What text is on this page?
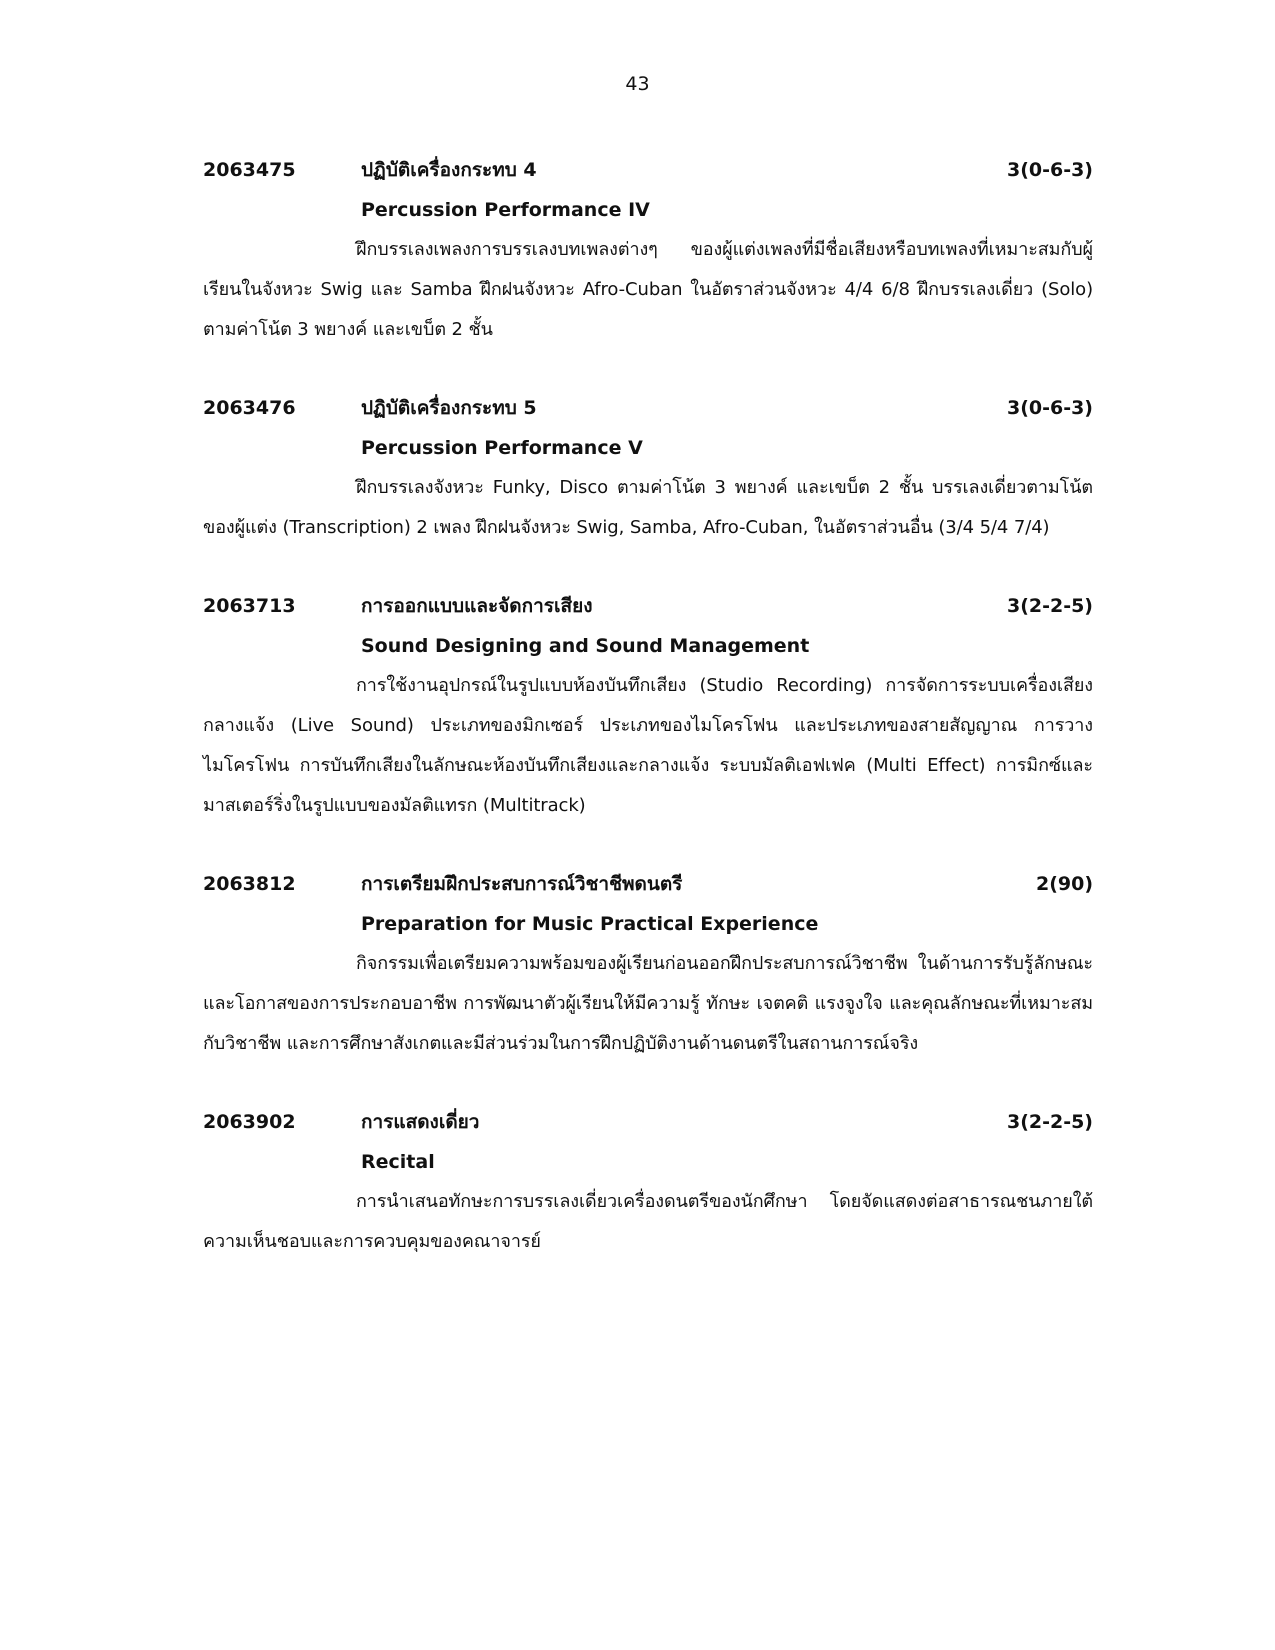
43
2063475	ปฏิบัติเครื่องกระทบ 4	3(0-6-3)
Percussion Performance IV
ฝึกบรรเลงเพลงการบรรเลงบทเพลงต่างๆ ของผู้แต่งเพลงที่มีชื่อเสียงหรือบทเพลงที่เหมาะสมกับผู้เรียนในจังหวะ Swig และ Samba ฝึกฝนจังหวะ Afro-Cuban ในอัตราส่วนจังหวะ 4/4 6/8 ฝึกบรรเลงเดี่ยว (Solo) ตามค่าโน้ต 3 พยางค์ และเขบ็ต 2 ชั้น
2063476	ปฏิบัติเครื่องกระทบ 5	3(0-6-3)
Percussion Performance V
ฝึกบรรเลงจังหวะ Funky, Disco ตามค่าโน้ต 3 พยางค์ และเขบ็ต 2 ชั้น บรรเลงเดี่ยวตามโน้ตของผู้แต่ง (Transcription) 2 เพลง ฝึกฝนจังหวะ Swig, Samba, Afro-Cuban, ในอัตราส่วนอื่น (3/4 5/4 7/4)
2063713	การออกแบบและจัดการเสียง	3(2-2-5)
Sound Designing and Sound Management
การใช้งานอุปกรณ์ในรูปแบบห้องบันทึกเสียง (Studio Recording) การจัดการระบบเครื่องเสียงกลางแจ้ง (Live Sound) ประเภทของมิกเซอร์ ประเภทของไมโครโฟน และประเภทของสายสัญญาณ การวางไมโครโฟน การบันทึกเสียงในลักษณะห้องบันทึกเสียงและกลางแจ้ง ระบบมัลติเอฟเฟค (Multi Effect) การมิกซ์และมาสเตอร์ริ่งในรูปแบบของมัลติแทรก (Multitrack)
2063812	การเตรียมฝึกประสบการณ์วิชาชีพดนตรี	2(90)
Preparation for Music Practical Experience
กิจกรรมเพื่อเตรียมความพร้อมของผู้เรียนก่อนออกฝึกประสบการณ์วิชาชีพ ในด้านการรับรู้ลักษณะและโอกาสของการประกอบอาชีพ การพัฒนาตัวผู้เรียนให้มีความรู้ ทักษะ เจตคติ แรงจูงใจ และคุณลักษณะที่เหมาะสมกับวิชาชีพ และการศึกษาสังเกตและมีส่วนร่วมในการฝึกปฏิบัติงานด้านดนตรีในสถานการณ์จริง
2063902	การแสดงเดี่ยว	3(2-2-5)
Recital
การนำเสนอทักษะการบรรเลงเดี่ยวเครื่องดนตรีของนักศึกษา โดยจัดแสดงต่อสาธารณชนภายใต้ความเห็นชอบและการควบคุมของคณาจารย์
